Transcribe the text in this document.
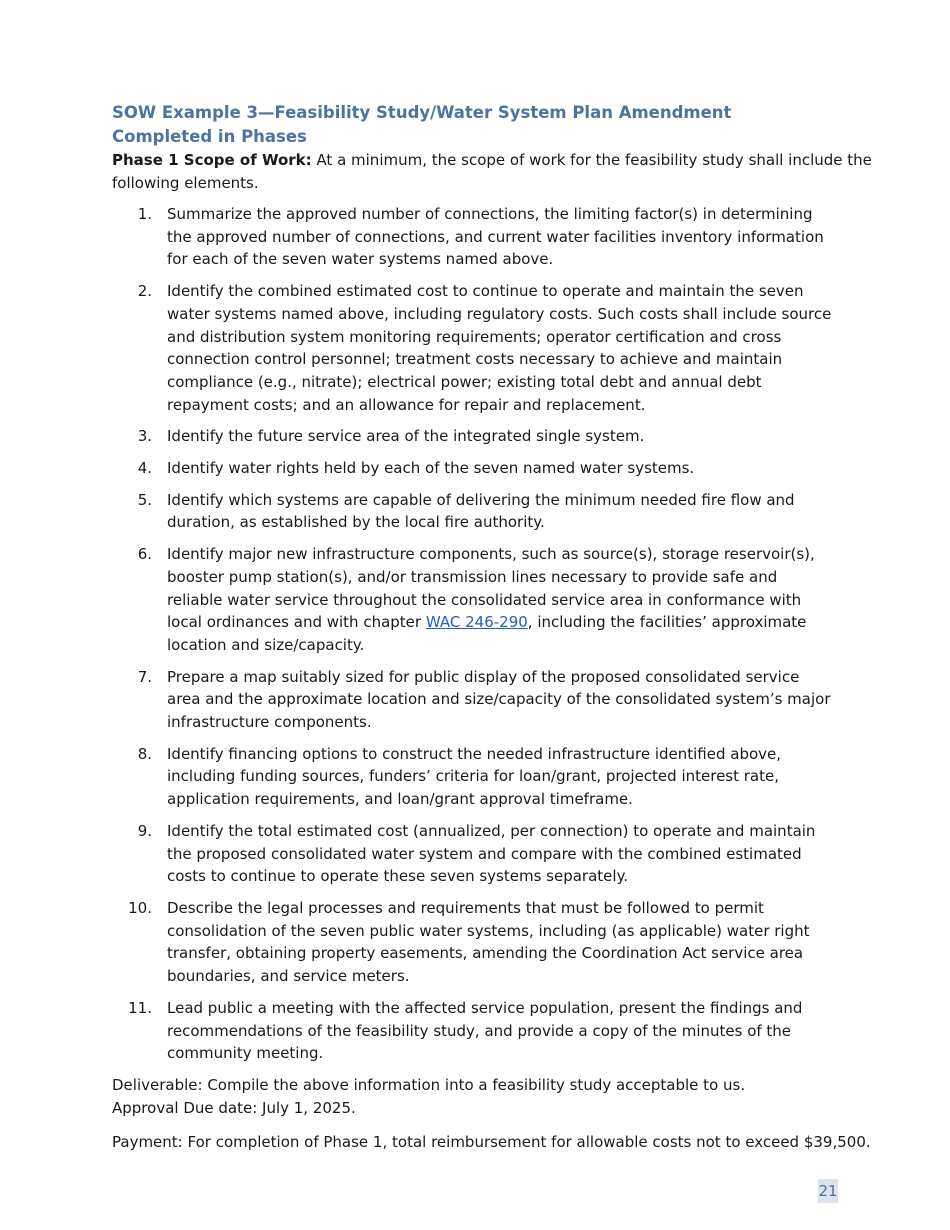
SOW Example 3—Feasibility Study/Water System Plan Amendment Completed in Phases

Phase 1 Scope of Work: At a minimum, the scope of work for the feasibility study shall include the following elements.

1. Summarize the approved number of connections, the limiting factor(s) in determining the approved number of connections, and current water facilities inventory information for each of the seven water systems named above.
2. Identify the combined estimated cost to continue to operate and maintain the seven water systems named above, including regulatory costs. Such costs shall include source and distribution system monitoring requirements; operator certification and cross connection control personnel; treatment costs necessary to achieve and maintain compliance (e.g., nitrate); electrical power; existing total debt and annual debt repayment costs; and an allowance for repair and replacement.
3. Identify the future service area of the integrated single system.
4. Identify water rights held by each of the seven named water systems.
5. Identify which systems are capable of delivering the minimum needed fire flow and duration, as established by the local fire authority.
6. Identify major new infrastructure components, such as source(s), storage reservoir(s), booster pump station(s), and/or transmission lines necessary to provide safe and reliable water service throughout the consolidated service area in conformance with local ordinances and with chapter WAC 246-290, including the facilities’ approximate location and size/capacity.
7. Prepare a map suitably sized for public display of the proposed consolidated service area and the approximate location and size/capacity of the consolidated system’s major infrastructure components.
8. Identify financing options to construct the needed infrastructure identified above, including funding sources, funders’ criteria for loan/grant, projected interest rate, application requirements, and loan/grant approval timeframe.
9. Identify the total estimated cost (annualized, per connection) to operate and maintain the proposed consolidated water system and compare with the combined estimated costs to continue to operate these seven systems separately.
10. Describe the legal processes and requirements that must be followed to permit consolidation of the seven public water systems, including (as applicable) water right transfer, obtaining property easements, amending the Coordination Act service area boundaries, and service meters.
11. Lead public a meeting with the affected service population, present the findings and recommendations of the feasibility study, and provide a copy of the minutes of the community meeting.

Deliverable: Compile the above information into a feasibility study acceptable to us.

Approval Due date: July 1, 2025.

Payment: For completion of Phase 1, total reimbursement for allowable costs not to exceed $39,500.

21
